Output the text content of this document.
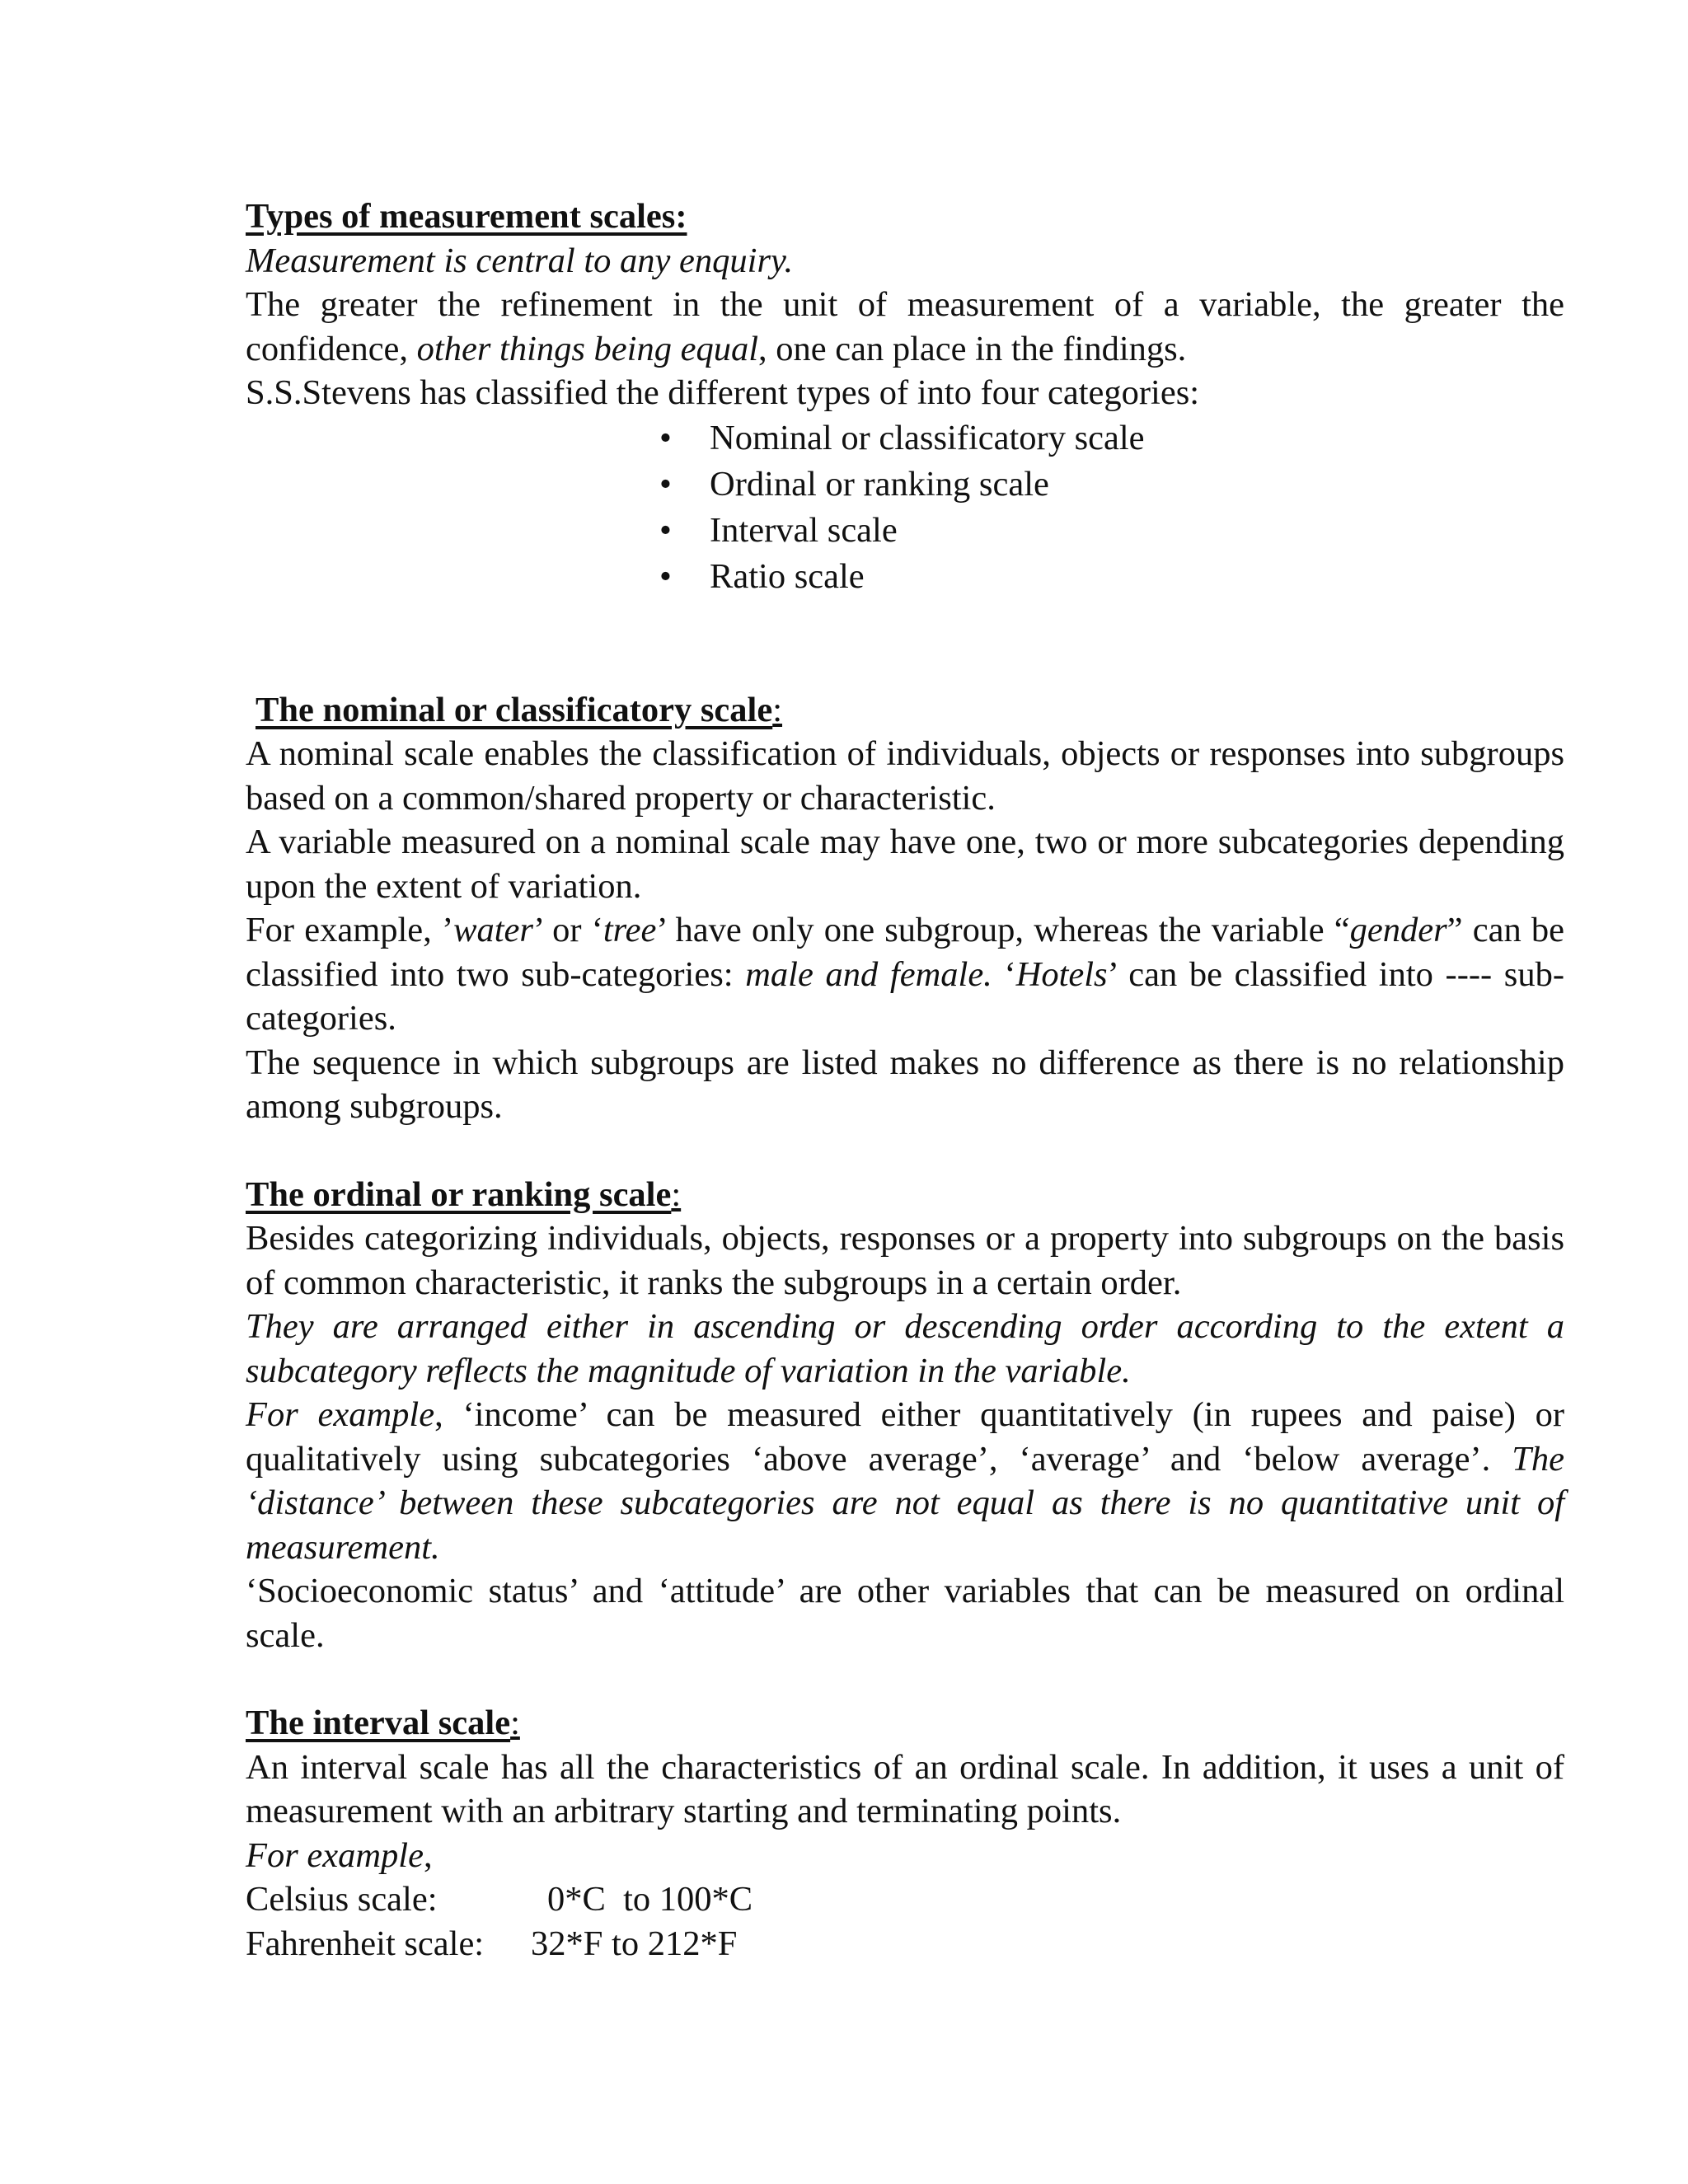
Types of measurement scales:

Measurement is central to any enquiry.

The greater the refinement in the unit of measurement of a variable, the greater the confidence, other things being equal, one can place in the findings.

S.S.Stevens has classified the different types of into four categories:

• Nominal or classificatory scale
• Ordinal or ranking scale
• Interval scale
• Ratio scale

The nominal or classificatory scale:

A nominal scale enables the classification of individuals, objects or responses into subgroups based on a common/shared property or characteristic.

A variable measured on a nominal scale may have one, two or more subcategories depending upon the extent of variation.

For example, ’water’ or ‘tree’ have only one subgroup, whereas the variable “gender” can be classified into two sub-categories: male and female. ‘Hotels’ can be classified into ---- sub-categories.

The sequence in which subgroups are listed makes no difference as there is no relationship among subgroups.

The ordinal or ranking scale:

Besides categorizing individuals, objects, responses or a property into subgroups on the basis of common characteristic, it ranks the subgroups in a certain order.

They are arranged either in ascending or descending order according to the extent a subcategory reflects the magnitude of variation in the variable.

For example, ‘income’ can be measured either quantitatively (in rupees and paise) or qualitatively using subcategories ‘above average’, ‘average’ and ‘below average’. The ‘distance’ between these subcategories are not equal as there is no quantitative unit of measurement.

‘Socioeconomic status’ and ‘attitude’ are other variables that can be measured on ordinal scale.

The interval scale:

An interval scale has all the characteristics of an ordinal scale. In addition, it uses a unit of measurement with an arbitrary starting and terminating points.

For example,

Celsius scale:	0*C  to 100*C

Fahrenheit scale: 32*F to 212*F
